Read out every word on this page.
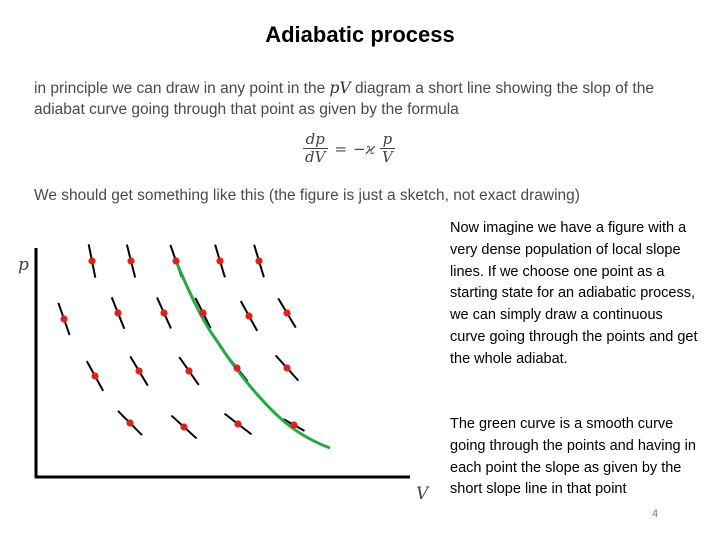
Adiabatic process
in principle we can draw in any point in the pV diagram a short line showing the slop of the adiabat curve going through that point as given by the formula
$\frac{dp}{dV}$ = − ϰ $\frac{p}{V}$
We should get something like this (the figure is just a sketch, not exact drawing)
p
V
Now imagine we have a figure with a very dense population of local slope lines. If we choose one point as a starting state for an adiabatic process, we can simply draw a continuous curve going through the points and get the whole adiabat.
The green curve is a smooth curve going through the points and having in each point the slope as given by the short slope line in that point
4
